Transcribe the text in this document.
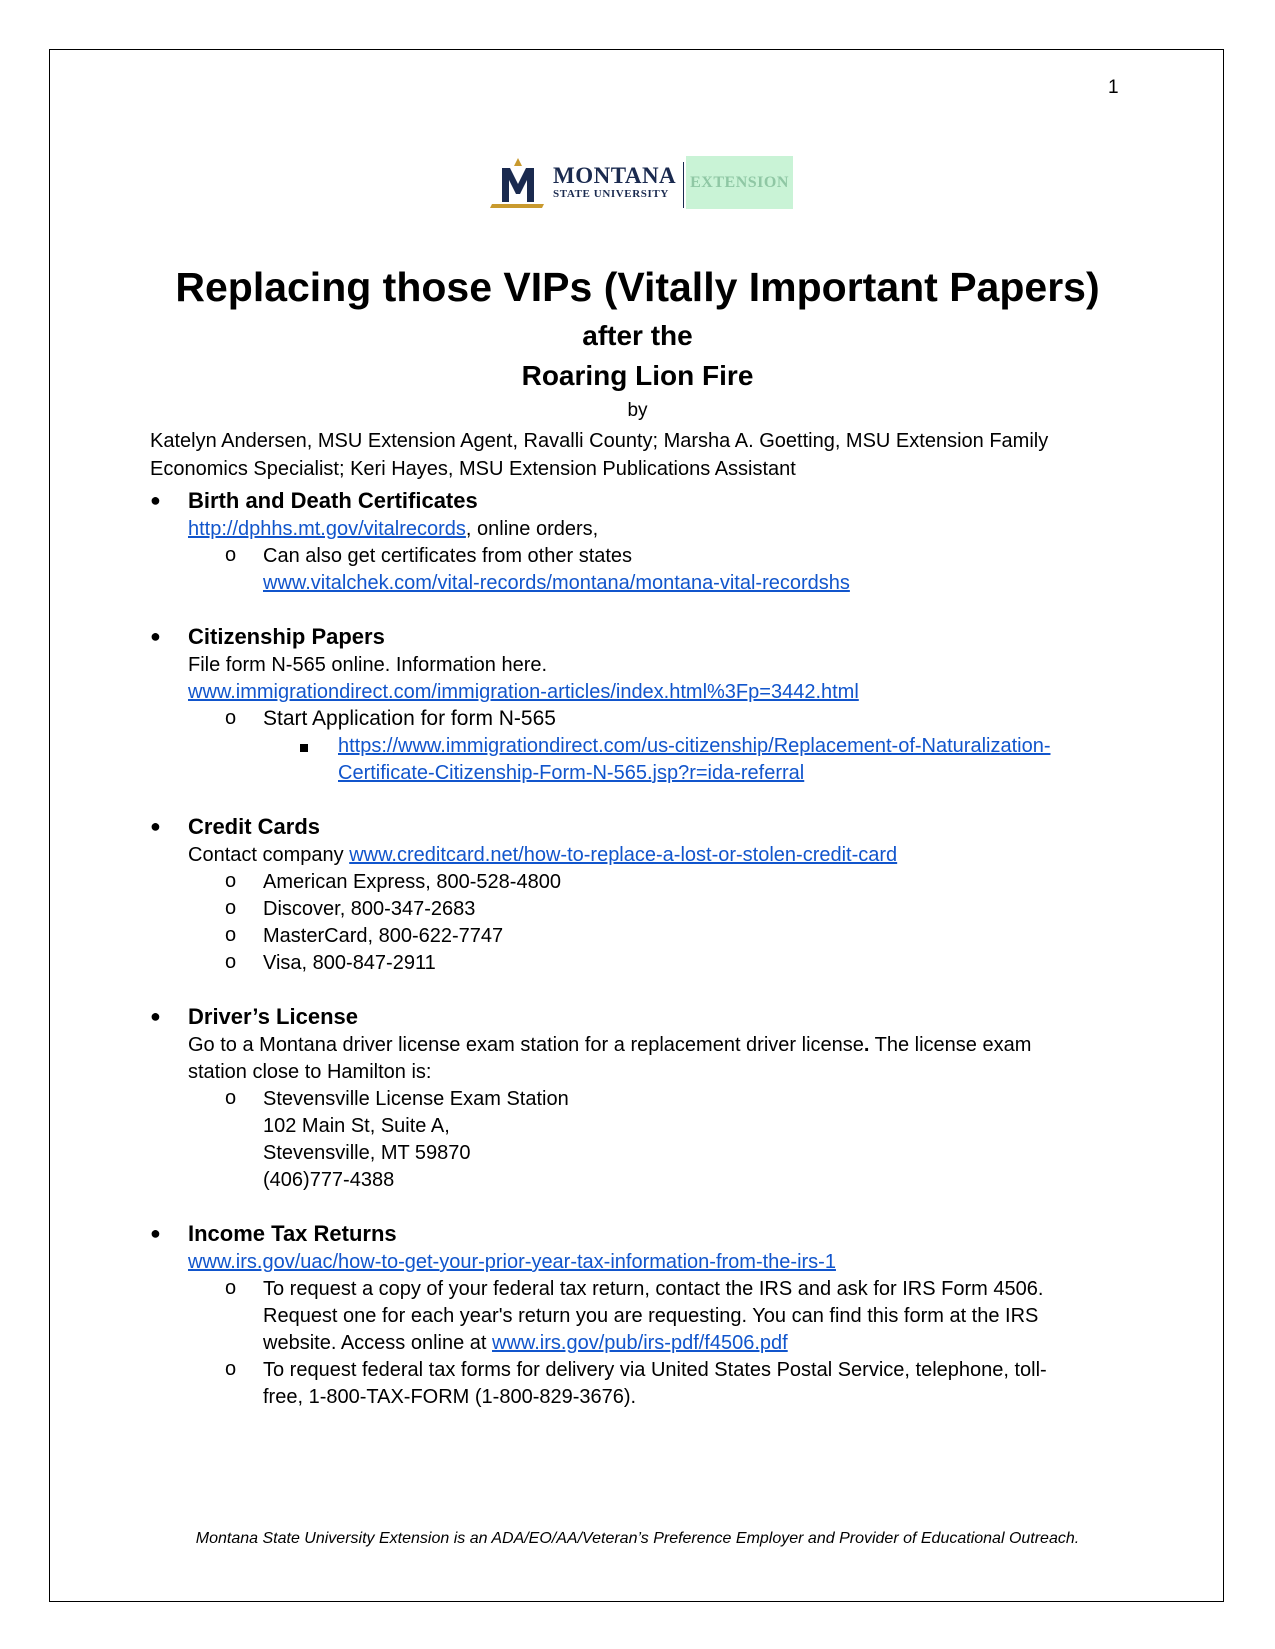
1
MONTANA
STATE UNIVERSITY
EXTENSION
Replacing those VIPs (Vitally Important Papers)
after the
Roaring Lion Fire
by
Katelyn Andersen, MSU Extension Agent, Ravalli County; Marsha A. Goetting, MSU Extension Family
Economics Specialist; Keri Hayes, MSU Extension Publications Assistant
● Birth and Death Certificates
http://dphhs.mt.gov/vitalrecords, online orders,
o Can also get certificates from other states
www.vitalchek.com/vital-records/montana/montana-vital-recordshs
● Citizenship Papers
File form N-565 online. Information here.
www.immigrationdirect.com/immigration-articles/index.html%3Fp=3442.html
o Start Application for form N-565
https://www.immigrationdirect.com/us-citizenship/Replacement-of-Naturalization-
Certificate-Citizenship-Form-N-565.jsp?r=ida-referral
● Credit Cards
Contact company www.creditcard.net/how-to-replace-a-lost-or-stolen-credit-card
o American Express, 800-528-4800
o Discover, 800-347-2683
o MasterCard, 800-622-7747
o Visa, 800-847-2911
● Driver’s License
Go to a Montana driver license exam station for a replacement driver license. The license exam
station close to Hamilton is:
o Stevensville License Exam Station
102 Main St, Suite A,
Stevensville, MT 59870
(406)777-4388
● Income Tax Returns
www.irs.gov/uac/how-to-get-your-prior-year-tax-information-from-the-irs-1
o To request a copy of your federal tax return, contact the IRS and ask for IRS Form 4506.
Request one for each year's return you are requesting. You can find this form at the IRS
website. Access online at www.irs.gov/pub/irs-pdf/f4506.pdf
o To request federal tax forms for delivery via United States Postal Service, telephone, toll-
free, 1-800-TAX-FORM (1-800-829-3676).
Montana State University Extension is an ADA/EO/AA/Veteran’s Preference Employer and Provider of Educational Outreach.
